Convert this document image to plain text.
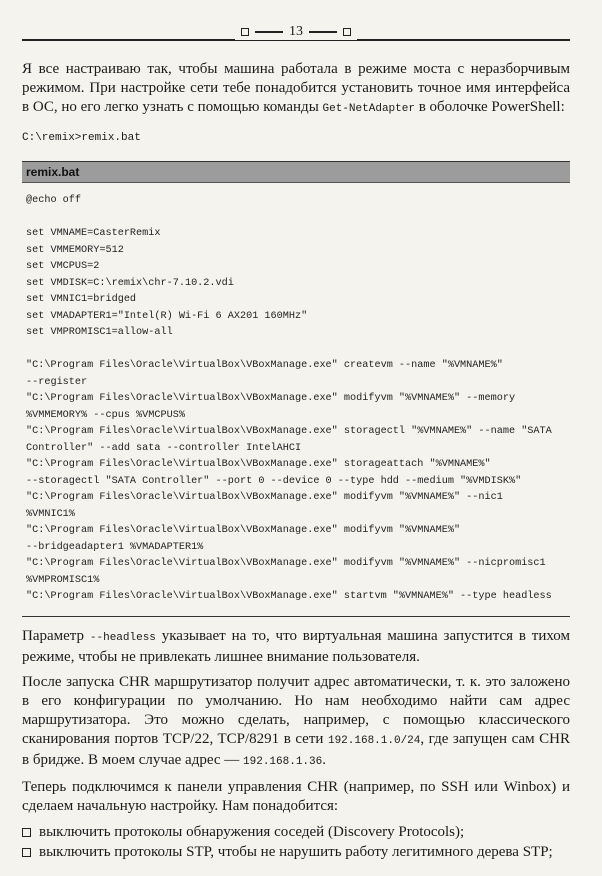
13

Я все настраиваю так, чтобы машина работала в режиме моста с неразборчивым режимом. При настройке сети тебе понадобится установить точное имя интерфейса в ОС, но его легко узнать с помощью команды Get-NetAdapter в оболочке PowerShell:

C:\remix>remix.bat
remix.bat
@echo off

set VMNAME=CasterRemix
set VMMEMORY=512
set VMCPUS=2
set VMDISK=C:\remix\chr-7.10.2.vdi
set VMNIC1=bridged
set VMADAPTER1="Intel(R) Wi-Fi 6 AX201 160MHz"
set VMPROMISC1=allow-all

"C:\Program Files\Oracle\VirtualBox\VBoxManage.exe" createvm --name "%VMNAME%"
--register
"C:\Program Files\Oracle\VirtualBox\VBoxManage.exe" modifyvm "%VMNAME%" --memory
%VMMEMORY% --cpus %VMCPUS%
"C:\Program Files\Oracle\VirtualBox\VBoxManage.exe" storagectl "%VMNAME%" --name "SATA
Controller" --add sata --controller IntelAHCI
"C:\Program Files\Oracle\VirtualBox\VBoxManage.exe" storageattach "%VMNAME%"
--storagectl "SATA Controller" --port 0 --device 0 --type hdd --medium "%VMDISK%"
"C:\Program Files\Oracle\VirtualBox\VBoxManage.exe" modifyvm "%VMNAME%" --nic1
%VMNIC1%
"C:\Program Files\Oracle\VirtualBox\VBoxManage.exe" modifyvm "%VMNAME%"
--bridgeadapter1 %VMADAPTER1%
"C:\Program Files\Oracle\VirtualBox\VBoxManage.exe" modifyvm "%VMNAME%" --nicpromisc1
%VMPROMISC1%
"C:\Program Files\Oracle\VirtualBox\VBoxManage.exe" startvm "%VMNAME%" --type headless

Параметр --headless указывает на то, что виртуальная машина запустится в тихом режиме, чтобы не привлекать лишнее внимание пользователя.

После запуска CHR маршрутизатор получит адрес автоматически, т. к. это заложено в его конфигурации по умолчанию. Но нам необходимо найти сам адрес маршрутизатора. Это можно сделать, например, с помощью классического сканирования портов TCP/22, TCP/8291 в сети 192.168.1.0/24, где запущен сам CHR в бридже. В моем случае адрес — 192.168.1.36.

Теперь подключимся к панели управления CHR (например, по SSH или Winbox) и сделаем начальную настройку. Нам понадобится:

выключить протоколы обнаружения соседей (Discovery Protocols);
выключить протоколы STP, чтобы не нарушить работу легитимного дерева STP;
